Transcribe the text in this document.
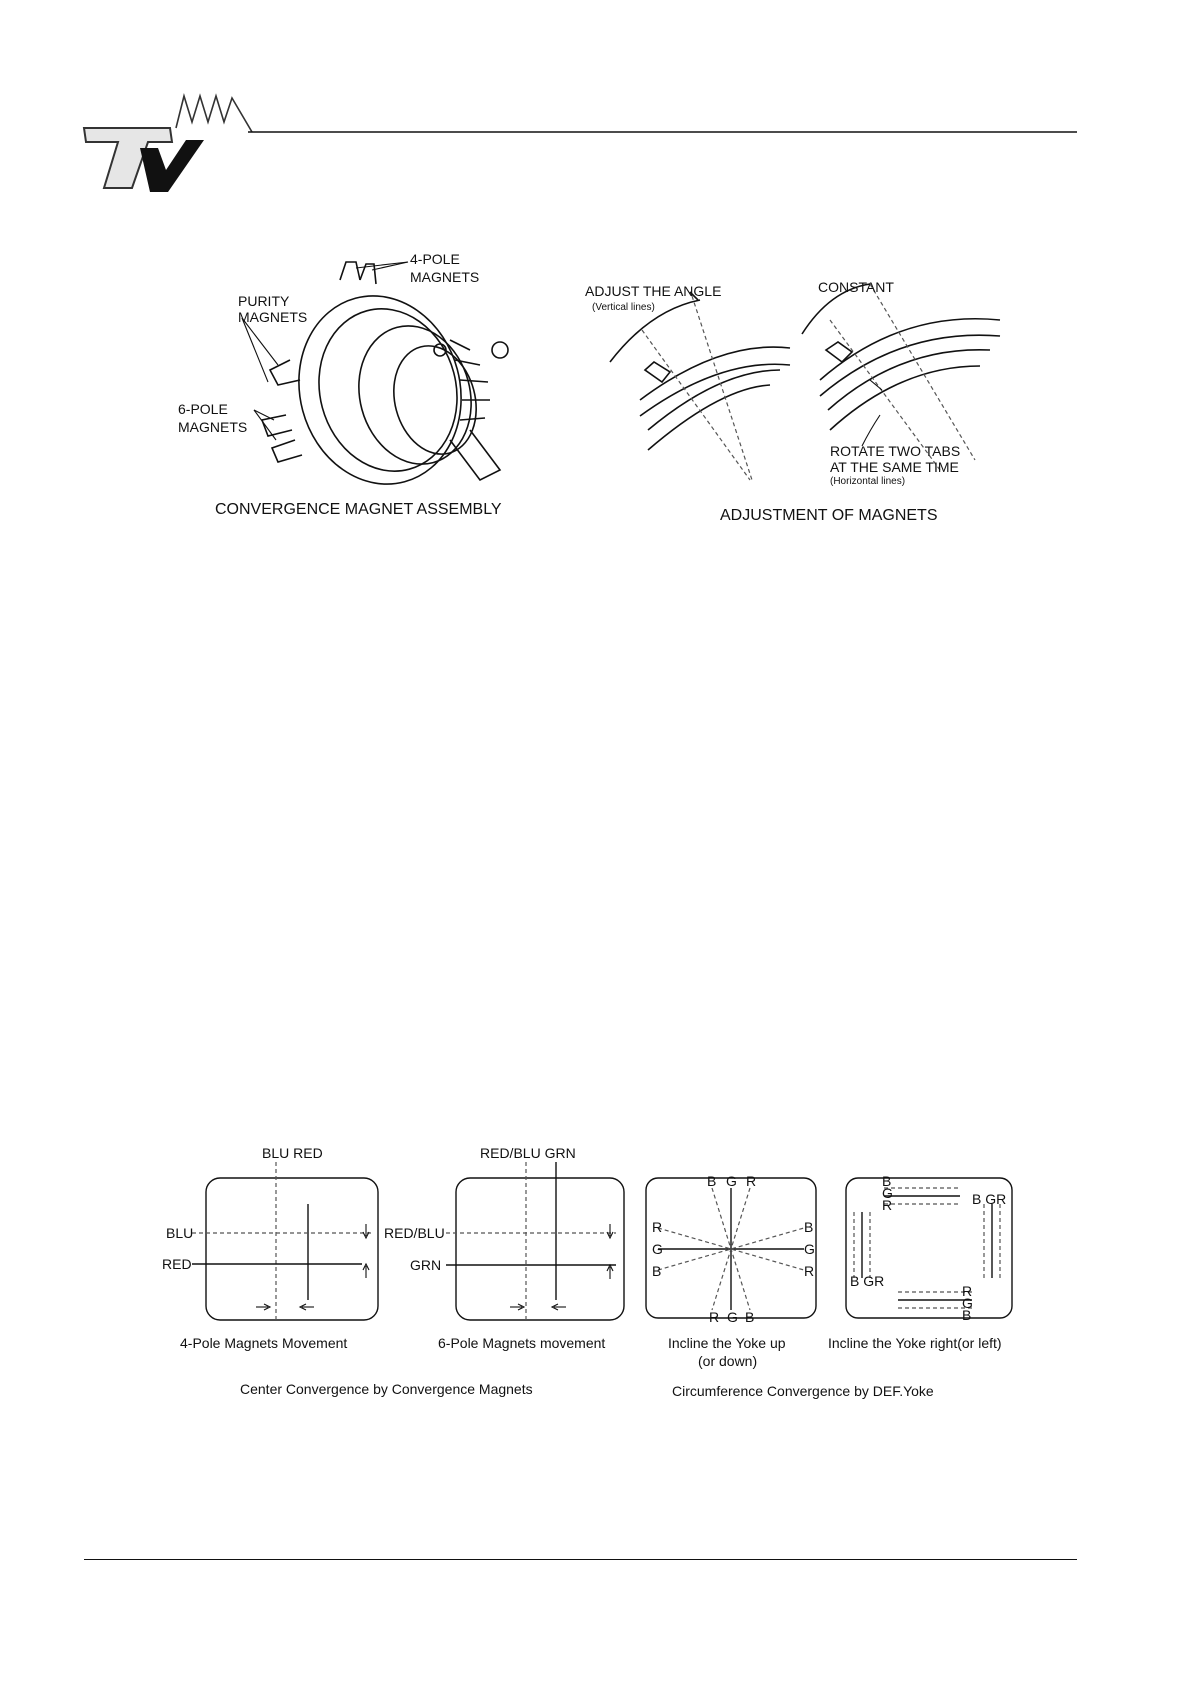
4-POLE
MAGNETS
PURITY
MAGNETS
6-POLE
MAGNETS
CONVERGENCE MAGNET ASSEMBLY
ADJUST THE ANGLE
(Vertical lines)
CONSTANT
ROTATE TWO TABS
AT THE SAME TIME
(Horizontal lines)
ADJUSTMENT OF MAGNETS
BLU RED
BLU
RED
4-Pole Magnets Movement
RED/BLU GRN
RED/BLU
GRN
6-Pole Magnets movement
B G R
R G B
R
G
B
B
G
R
Incline the Yoke up
(or down)
B
G
R
R
G
B
B GR
B GR
Incline the Yoke right(or left)
Center Convergence by Convergence Magnets	Circumference Convergence by DEF.Yoke
